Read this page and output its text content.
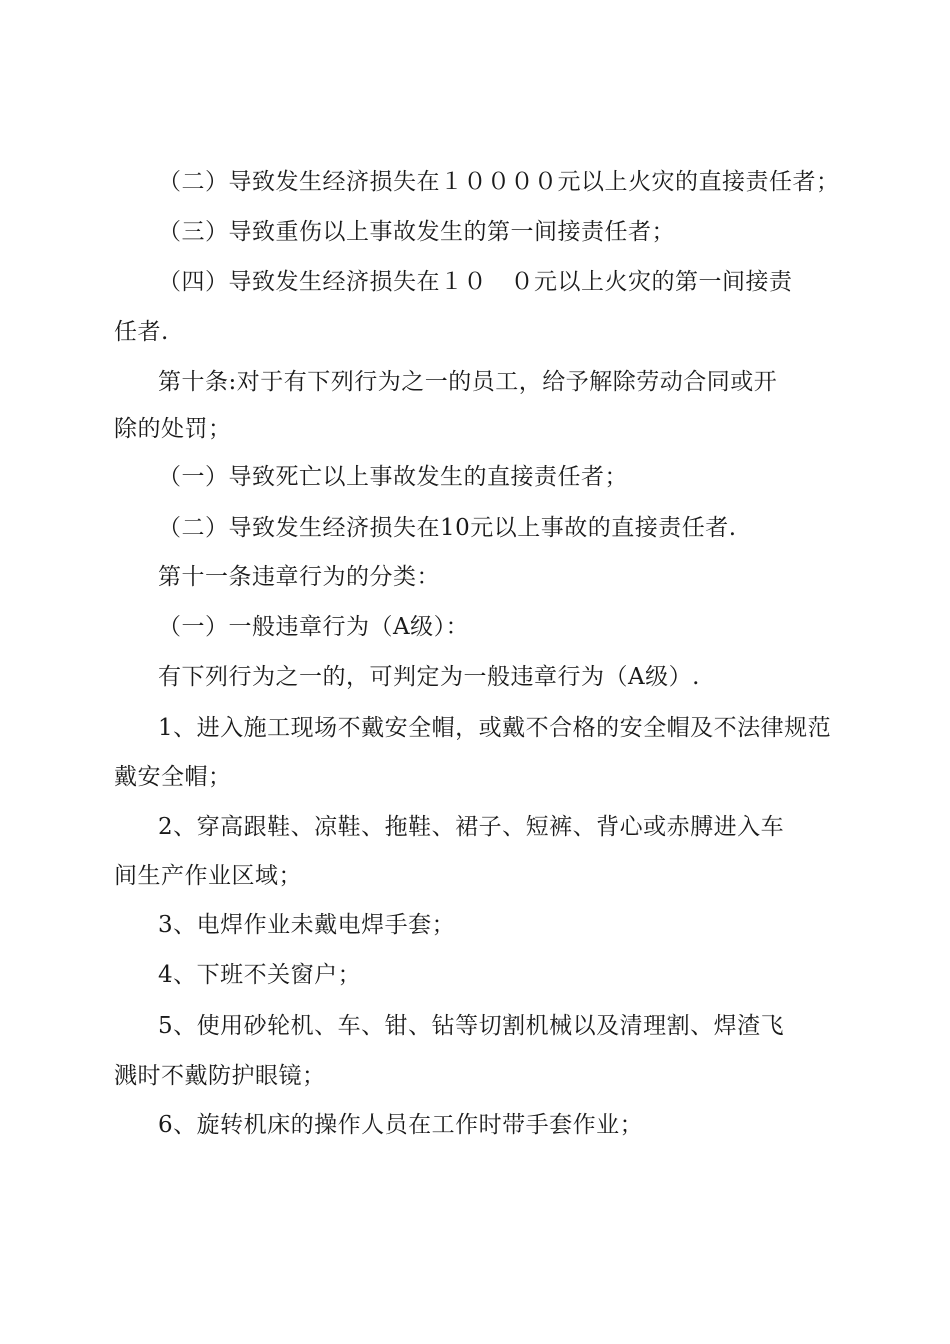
（二）导致发生经济损失在１００００元以上火灾的直接责任者；
（三）导致重伤以上事故发生的第一间接责任者；
（四）导致发生经济损失在１０　０元以上火灾的第一间接责
任者.
第十条:对于有下列行为之一的员工，给予解除劳动合同或开
除的处罚；
（一）导致死亡以上事故发生的直接责任者；
（二）导致发生经济损失在10元以上事故的直接责任者.
第十一条违章行为的分类：
（一）一般违章行为（A级）：
有下列行为之一的，可判定为一般违章行为（A级）.
1、进入施工现场不戴安全帽，或戴不合格的安全帽及不法律规范
戴安全帽；
2、穿高跟鞋、凉鞋、拖鞋、裙子、短裤、背心或赤膊进入车
间生产作业区域；
3、电焊作业未戴电焊手套；
4、下班不关窗户；
5、使用砂轮机、车、钳、钻等切割机械以及清理割、焊渣飞
溅时不戴防护眼镜；
6、旋转机床的操作人员在工作时带手套作业；
